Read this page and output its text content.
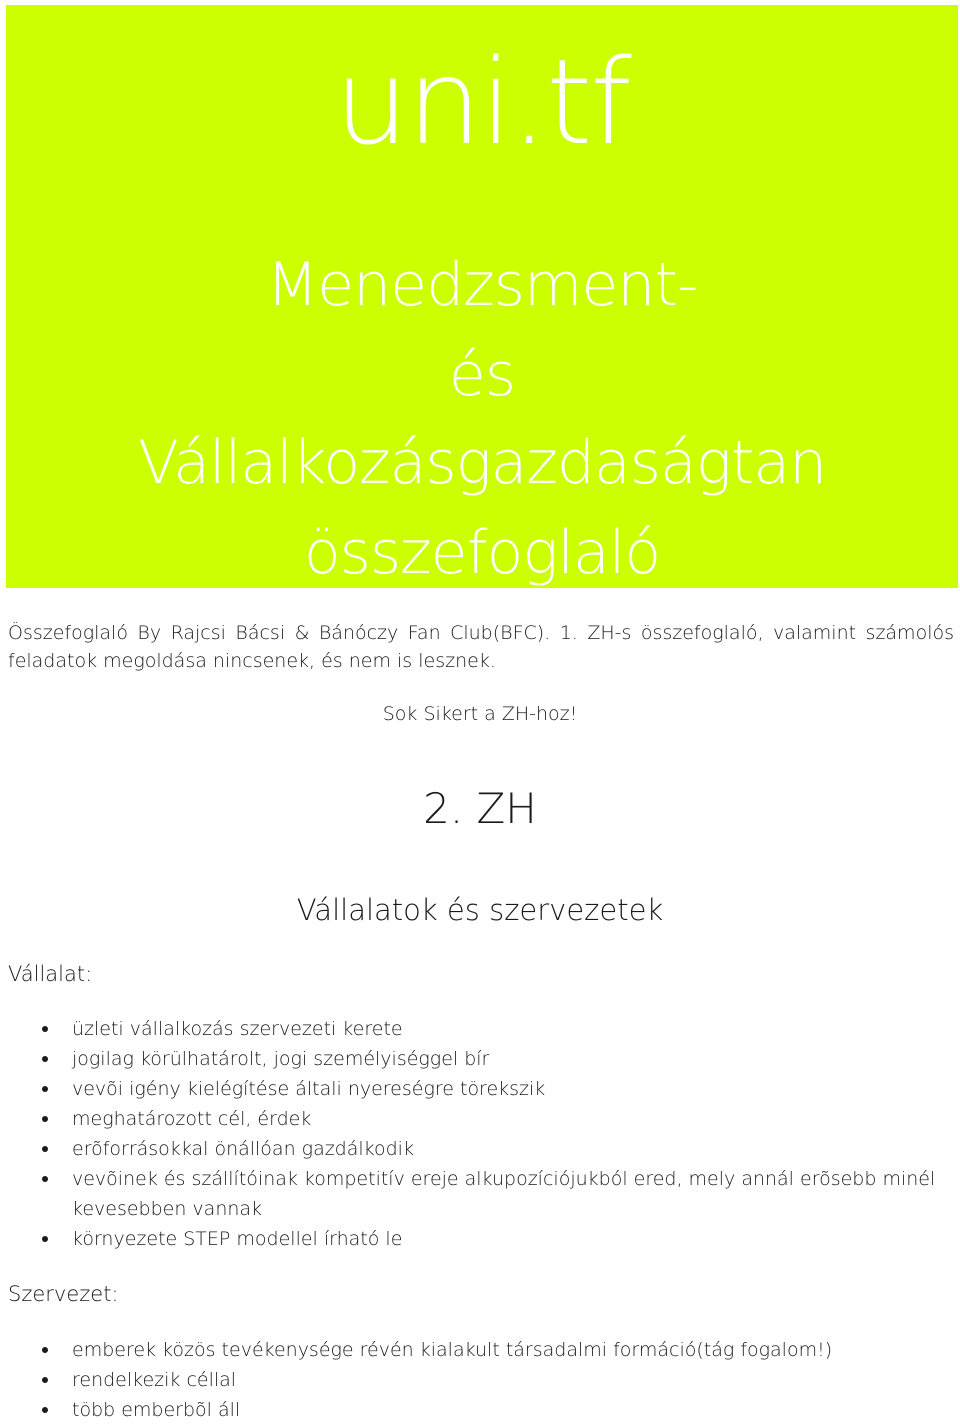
uni.tf
Menedzsment-
és
Vállalkozásgazdaságtan
összefoglaló
Összefoglaló By Rajcsi Bácsi & Bánóczy Fan Club(BFC). 1. ZH-s összefoglaló, valamint számolós feladatok megoldása nincsenek, és nem is lesznek.
Sok Sikert a ZH-hoz!
2. ZH
Vállalatok és szervezetek
Vállalat:
üzleti vállalkozás szervezeti kerete
jogilag körülhatárolt, jogi személyiséggel bír
vevõi igény kielégítése általi nyereségre törekszik
meghatározott cél, érdek
erõforrásokkal önállóan gazdálkodik
vevõinek és szállítóinak kompetitív ereje alkupozíciójukból ered, mely annál erõsebb minél kevesebben vannak
környezete STEP modellel írható le
Szervezet:
emberek közös tevékenysége révén kialakult társadalmi formáció(tág fogalom!)
rendelkezik céllal
több emberbõl áll
